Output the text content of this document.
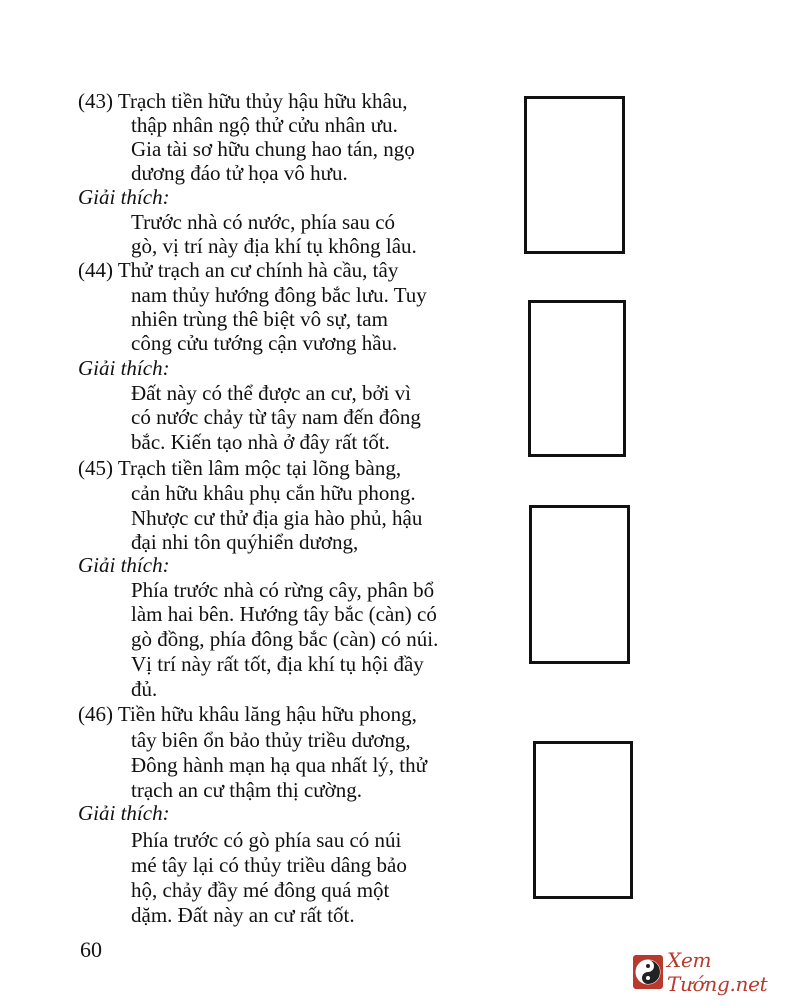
(43) Trạch tiền hữu thủy hậu hữu khâu,
thập nhân ngộ thử cửu nhân ưu.
Gia tài sơ hữu chung hao tán, ngọ
dương đáo tử họa vô hưu.
Giải thích:
Trước nhà có nước, phía sau có
gò, vị trí này địa khí tụ không lâu.
(44) Thử trạch an cư chính hà cầu, tây
nam thủy hướng đông bắc lưu. Tuy
nhiên trùng thê biệt vô sự, tam
công cửu tướng cận vương hầu.
Giải thích:
Đất này có thể được an cư, bởi vì
có nước chảy từ tây nam đến đông
bắc. Kiến tạo nhà ở đây rất tốt.
(45) Trạch tiền lâm mộc tại lõng bàng,
cản hữu khâu phụ cắn hữu phong.
Nhược cư thử địa gia hào phủ, hậu
đại nhi tôn quýhiển dương,
Giải thích:
Phía trước nhà có rừng cây, phân bổ
làm hai bên. Hướng tây bắc (càn) có
gò đồng, phía đông bắc (càn) có núi.
Vị trí này rất tốt, địa khí tụ hội đầy
đủ.
(46) Tiền hữu khâu lăng hậu hữu phong,
tây biên ổn bảo thủy triều dương,
Đông hành mạn hạ qua nhất lý, thử
trạch an cư thậm thị cường.
Giải thích:
Phía trước có gò phía sau có núi
mé tây lại có thủy triều dâng bảo
hộ, chảy đầy mé đông quá một
dặm. Đất này an cư rất tốt.
60	Xem Tướng.net
